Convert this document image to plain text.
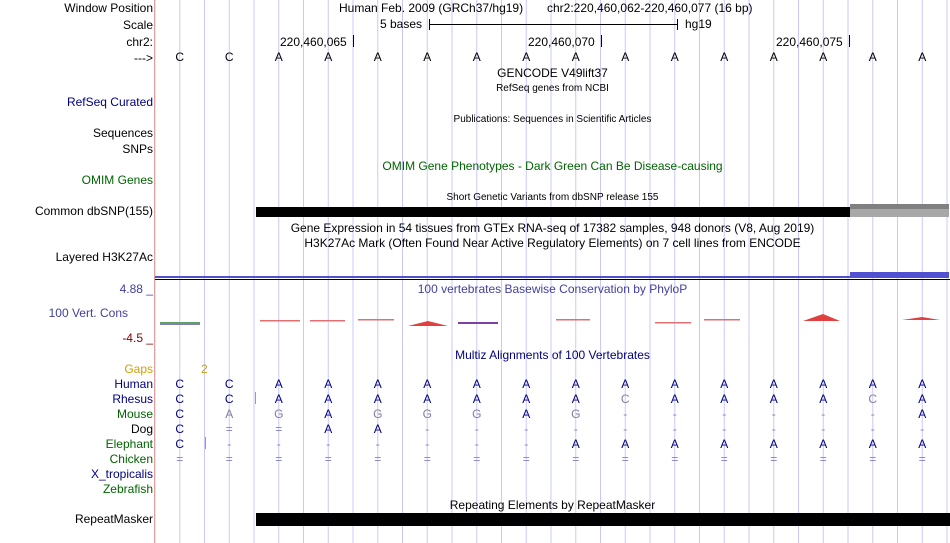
Window Position
Scale
chr2:
--->
Human Feb. 2009 (GRCh37/hg19) chr2:220,460,062-220,460,077 (16 bp)
5 bases	hg19
220,460,065	220,460,070	220,460,075
C	C	A	A	A	A	A	A	A	A	A	A	A	A	A	A
GENCODE V49lift37
RefSeq genes from NCBI
RefSeq Curated
Publications: Sequences in Scientific Articles
Sequences
SNPs
OMIM Gene Phenotypes - Dark Green Can Be Disease-causing
OMIM Genes
Short Genetic Variants from dbSNP release 155
Common dbSNP(155)
Gene Expression in 54 tissues from GTEx RNA-seq of 17382 samples, 948 donors (V8, Aug 2019)
H3K27Ac Mark (Often Found Near Active Regulatory Elements) on 7 cell lines from ENCODE
Layered H3K27Ac
4.88 _	100 vertebrates Basewise Conservation by PhyloP
100 Vert. Cons
-4.5 _
Multiz Alignments of 100 Vertebrates
Gaps	2
Human	C	C	A	A	A	A	A	A	A	A	A	A	A	A	A	A
Rhesus	C	C	A	A	A	A	A	A	A	C	A	A	A	A	C	A
Mouse	C	A	G	A	G	G	G	A	G	-	-	-	-	-	-	A
Dog	C	=	=	A	A	-	-	-	-	-	-	-	-	-	-	-
Elephant	C	-	-	-	-	-	-	-	A	A	A	A	A	A	A	A
Chicken	=	=	=	=	=	=	=	=	=	=	=	=	=	=	=	=
X_tropicalis
Zebrafish
Repeating Elements by RepeatMasker
RepeatMasker
